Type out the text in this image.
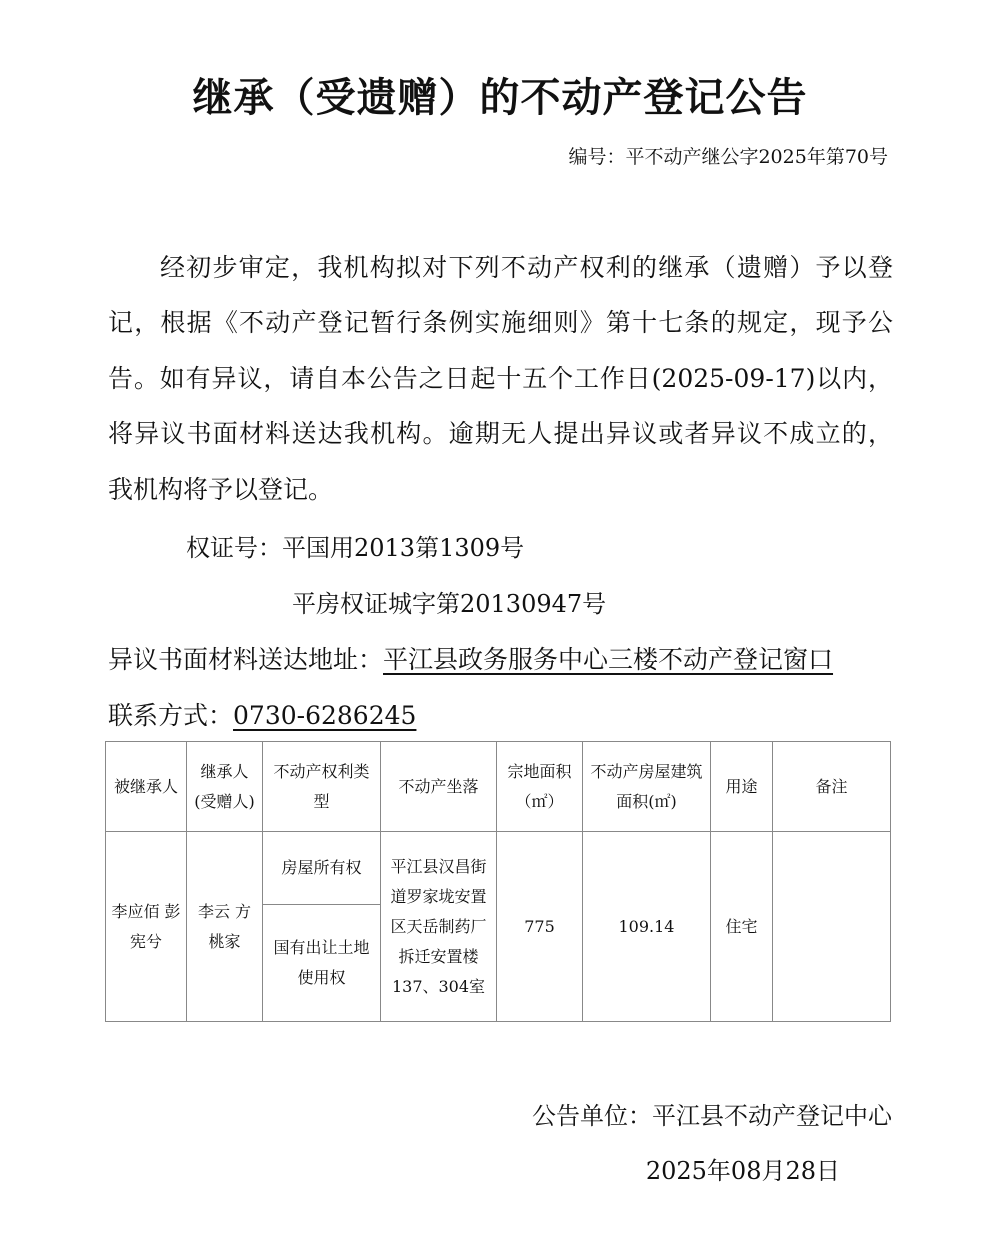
继承（受遗赠）的不动产登记公告
编号：平不动产继公字2025年第70号
经初步审定，我机构拟对下列不动产权利的继承（遗赠）予以登
记，根据《不动产登记暂行条例实施细则》第十七条的规定，现予公
告。如有异议，请自本公告之日起十五个工作日(2025-09-17)以内，
将异议书面材料送达我机构。逾期无人提出异议或者异议不成立的，
我机构将予以登记。
权证号：平国用2013第1309号
平房权证城字第20130947号
异议书面材料送达地址：平江县政务服务中心三楼不动产登记窗口
联系方式：0730-6286245
被继承人	继承人(受赠人)	不动产权利类　型	不动产坐落	宗地面积（㎡）	不动产房屋建筑面积(㎡)	用途	备注
李应佰 彭宪兮	李云 方桃家	房屋所有权	平江县汉昌街道罗家垅安置区天岳制药厂拆迁安置楼137、304室	775	109.14	住宅	
		国有出让土地使用权					
公告单位：平江县不动产登记中心
2025年08月28日
